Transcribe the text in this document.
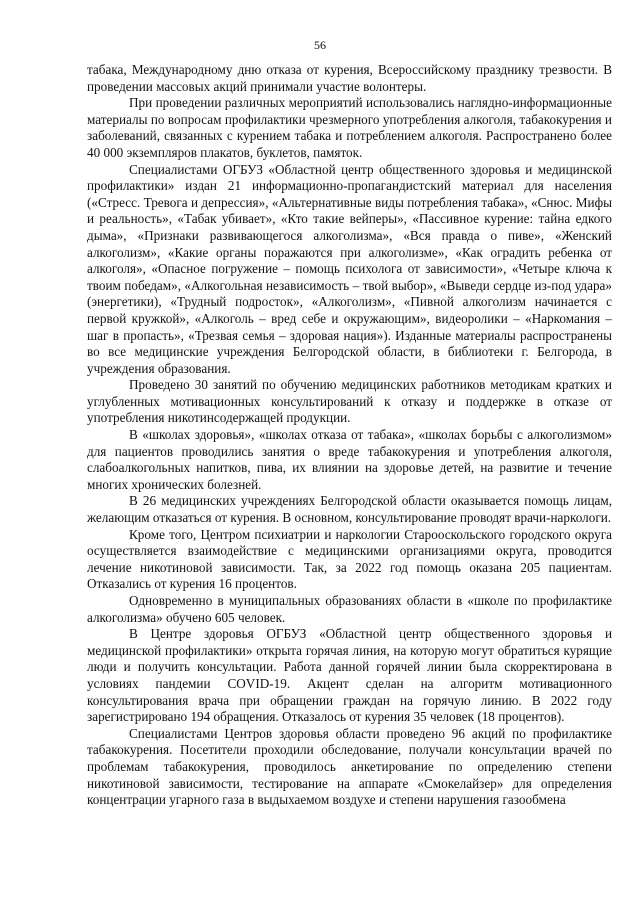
56

табака, Международному дню отказа от курения, Всероссийскому празднику трезвости. В проведении массовых акций принимали участие волонтеры.

При проведении различных мероприятий использовались наглядно-информационные материалы по вопросам профилактики чрезмерного употребления алкоголя, табакокурения и заболеваний, связанных с курением табака и потреблением алкоголя. Распространено более 40 000 экземпляров плакатов, буклетов, памяток.

Специалистами ОГБУЗ «Областной центр общественного здоровья и медицинской профилактики» издан 21 информационно-пропагандистский материал для населения («Стресс. Тревога и депрессия», «Альтернативные виды потребления табака», «Снюс. Мифы и реальность», «Табак убивает», «Кто такие вейперы», «Пассивное курение: тайна едкого дыма», «Признаки развивающегося алкоголизма», «Вся правда о пиве», «Женский алкоголизм», «Какие органы поражаются при алкоголизме», «Как оградить ребенка от алкоголя», «Опасное погружение – помощь психолога от зависимости», «Четыре ключа к твоим победам», «Алкогольная независимость – твой выбор», «Выведи сердце из-под удара» (энергетики), «Трудный подросток», «Алкоголизм», «Пивной алкоголизм начинается с первой кружкой», «Алкоголь – вред себе и окружающим», видеоролики – «Наркомания – шаг в пропасть», «Трезвая семья – здоровая нация»). Изданные материалы распространены во все медицинские учреждения Белгородской области, в библиотеки г. Белгорода, в учреждения образования.

Проведено 30 занятий по обучению медицинских работников методикам кратких и углубленных мотивационных консультирований к отказу и поддержке в отказе от употребления никотинсодержащей продукции.

В «школах здоровья», «школах отказа от табака», «школах борьбы с алкоголизмом» для пациентов проводились занятия о вреде табакокурения и употребления алкоголя, слабоалкогольных напитков, пива, их влиянии на здоровье детей, на развитие и течение многих хронических болезней.

В 26 медицинских учреждениях Белгородской области оказывается помощь лицам, желающим отказаться от курения. В основном, консультирование проводят врачи-наркологи.

Кроме того, Центром психиатрии и наркологии Старооскольского городского округа осуществляется взаимодействие с медицинскими организациями округа, проводится лечение никотиновой зависимости. Так, за 2022 год помощь оказана 205 пациентам. Отказались от курения 16 процентов.

Одновременно в муниципальных образованиях области в «школе по профилактике алкоголизма» обучено 605 человек.

В Центре здоровья ОГБУЗ «Областной центр общественного здоровья и медицинской профилактики» открыта горячая линия, на которую могут обратиться курящие люди и получить консультации. Работа данной горячей линии была скорректирована в условиях пандемии COVID-19. Акцент сделан на алгоритм мотивационного консультирования врача при обращении граждан на горячую линию. В 2022 году зарегистрировано 194 обращения. Отказалось от курения 35 человек (18 процентов).

Специалистами Центров здоровья области проведено 96 акций по профилактике табакокурения. Посетители проходили обследование, получали консультации врачей по проблемам табакокурения, проводилось анкетирование по определению степени никотиновой зависимости, тестирование на аппарате «Смокелайзер» для определения концентрации угарного газа в выдыхаемом воздухе и степени нарушения газообмена
